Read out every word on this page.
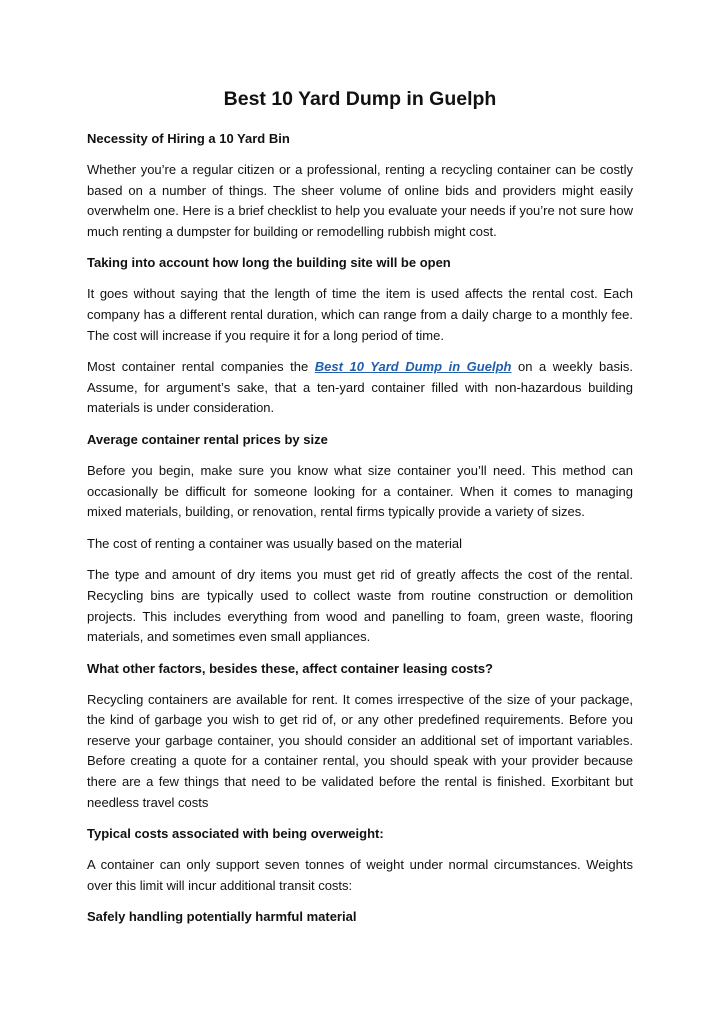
Best 10 Yard Dump in Guelph
Necessity of Hiring a 10 Yard Bin

Whether you’re a regular citizen or a professional, renting a recycling container can be costly based on a number of things. The sheer volume of online bids and providers might easily overwhelm one. Here is a brief checklist to help you evaluate your needs if you’re not sure how much renting a dumpster for building or remodelling rubbish might cost.

Taking into account how long the building site will be open

It goes without saying that the length of time the item is used affects the rental cost. Each company has a different rental duration, which can range from a daily charge to a monthly fee. The cost will increase if you require it for a long period of time.

Most container rental companies the Best 10 Yard Dump in Guelph on a weekly basis. Assume, for argument’s sake, that a ten-yard container filled with non-hazardous building materials is under consideration.

Average container rental prices by size

Before you begin, make sure you know what size container you’ll need. This method can occasionally be difficult for someone looking for a container. When it comes to managing mixed materials, building, or renovation, rental firms typically provide a variety of sizes.

The cost of renting a container was usually based on the material

The type and amount of dry items you must get rid of greatly affects the cost of the rental. Recycling bins are typically used to collect waste from routine construction or demolition projects. This includes everything from wood and panelling to foam, green waste, flooring materials, and sometimes even small appliances.

What other factors, besides these, affect container leasing costs?

Recycling containers are available for rent. It comes irrespective of the size of your package, the kind of garbage you wish to get rid of, or any other predefined requirements. Before you reserve your garbage container, you should consider an additional set of important variables. Before creating a quote for a container rental, you should speak with your provider because there are a few things that need to be validated before the rental is finished. Exorbitant but needless travel costs

Typical costs associated with being overweight:

A container can only support seven tonnes of weight under normal circumstances. Weights over this limit will incur additional transit costs:

Safely handling potentially harmful material
